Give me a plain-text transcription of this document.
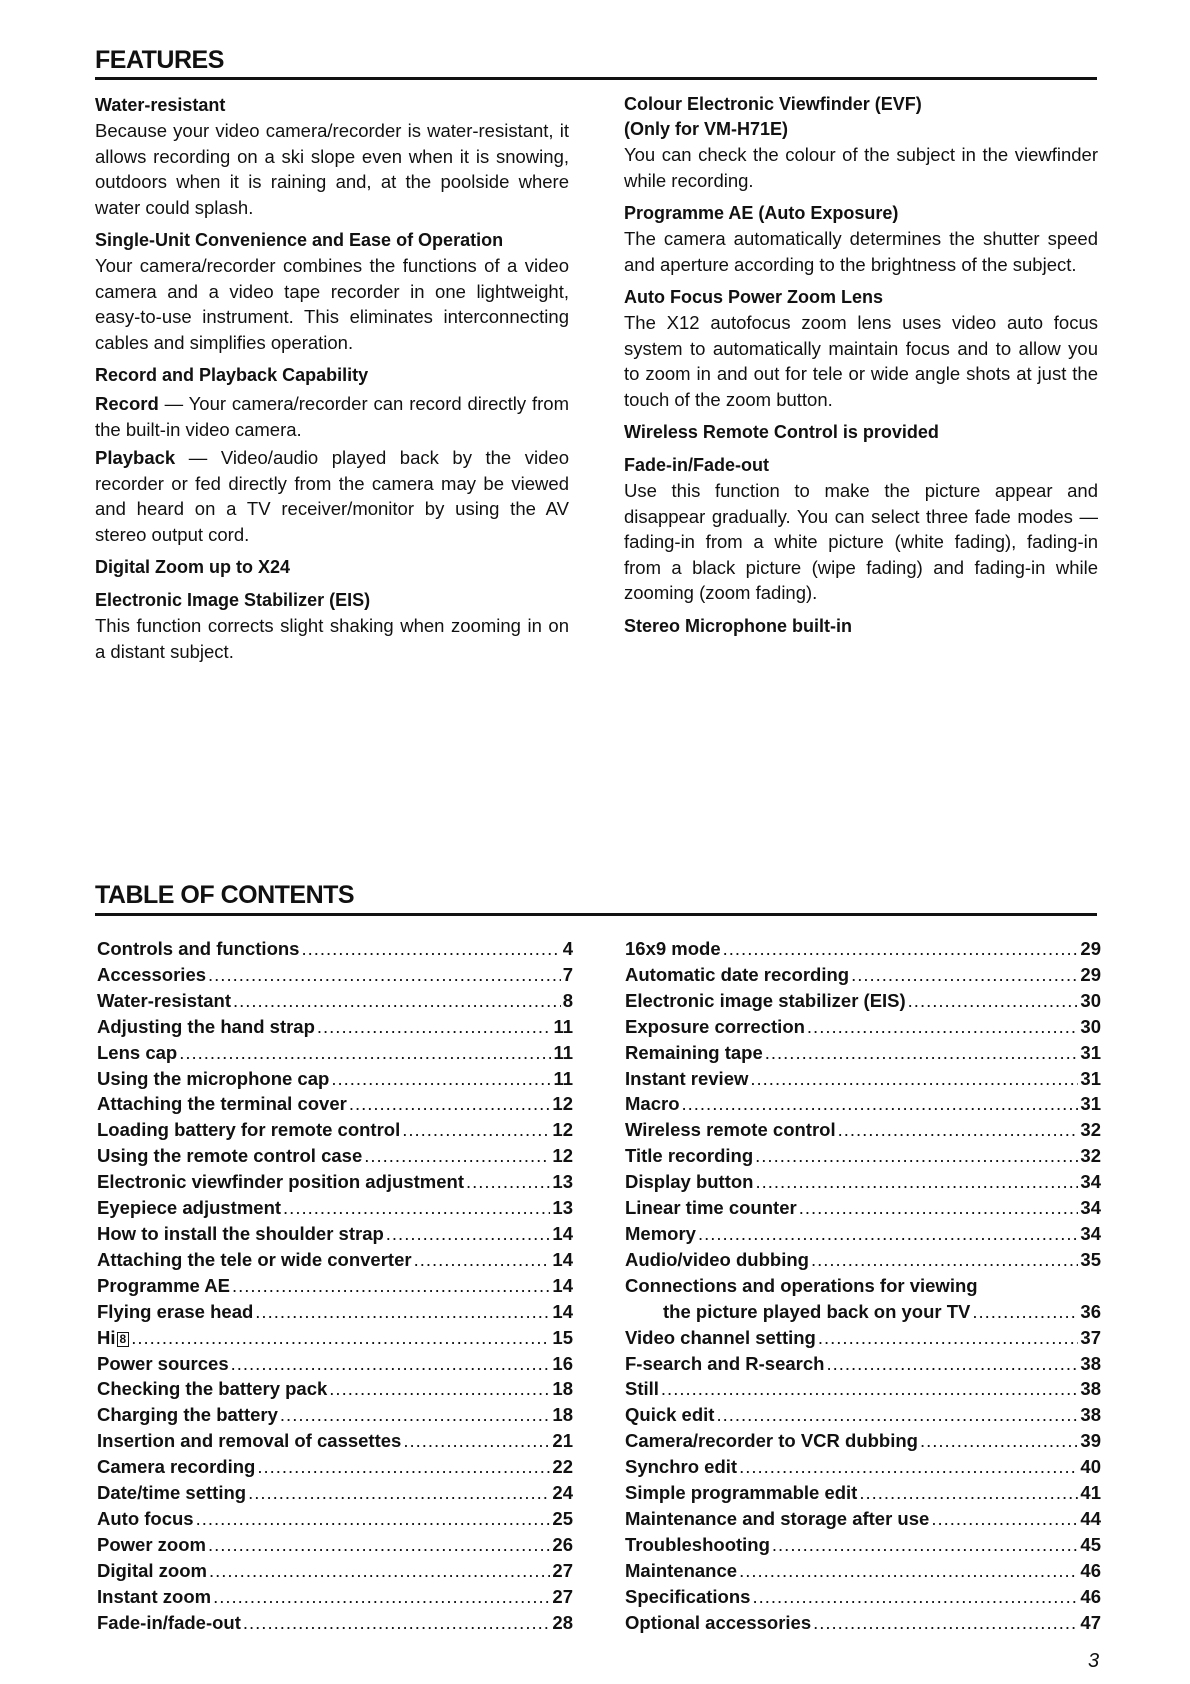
FEATURES
Water-resistant

Because your video camera/recorder is water-resistant, it allows recording on a ski slope even when it is snowing, outdoors when it is raining and, at the poolside where water could splash.

Single-Unit Convenience and Ease of Operation

Your camera/recorder combines the functions of a video camera and a video tape recorder in one lightweight, easy-to-use instrument. This eliminates interconnecting cables and simplifies operation.

Record and Playback Capability

Record — Your camera/recorder can record directly from the built-in video camera.

Playback — Video/audio played back by the video recorder or fed directly from the camera may be viewed and heard on a TV receiver/monitor by using the AV stereo output cord.

Digital Zoom up to X24
Electronic Image Stabilizer (EIS)

This function corrects slight shaking when zooming in on a distant subject.

Colour Electronic Viewfinder (EVF)
(Only for VM-H71E)

You can check the colour of the subject in the viewfinder while recording.

Programme AE (Auto Exposure)

The camera automatically determines the shutter speed and aperture according to the brightness of the subject.

Auto Focus Power Zoom Lens

The X12 autofocus zoom lens uses video auto focus system to automatically maintain focus and to allow you to zoom in and out for tele or wide angle shots at just the touch of the zoom button.

Wireless Remote Control is provided
Fade-in/Fade-out

Use this function to make the picture appear and disappear gradually. You can select three fade modes — fading-in from a white picture (white fading), fading-in from a black picture (wipe fading) and fading-in while zooming (zoom fading).

Stereo Microphone built-in
TABLE OF CONTENTS
Controls and functions .....	4
Accessories .....	7
Water-resistant .....	8
Adjusting the hand strap .....	11
Lens cap .....	11
Using the microphone cap .....	11
Attaching the terminal cover .....	12
Loading battery for remote control .....	12
Using the remote control case .....	12
Electronic viewfinder position adjustment .....	13
Eyepiece adjustment .....	13
How to install the shoulder strap .....	14
Attaching the tele or wide converter .....	14
Programme AE .....	14
Flying erase head .....	14
Hi 8 .....	15
Power sources .....	16
Checking the battery pack .....	18
Charging the battery .....	18
Insertion and removal of cassettes .....	21
Camera recording .....	22
Date/time setting .....	24
Auto focus .....	25
Power zoom .....	26
Digital zoom .....	27
Instant zoom .....	27
Fade-in/fade-out .....	28
16x9 mode .....	29
Automatic date recording .....	29
Electronic image stabilizer (EIS) .....	30
Exposure correction .....	30
Remaining tape .....	31
Instant review .....	31
Macro .....	31
Wireless remote control .....	32
Title recording .....	32
Display button .....	34
Linear time counter .....	34
Memory .....	34
Audio/video dubbing .....	35
Connections and operations for viewing
the picture played back on your TV .....	36
Video channel setting .....	37
F-search and R-search .....	38
Still .....	38
Quick edit .....	38
Camera/recorder to VCR dubbing .....	39
Synchro edit .....	40
Simple programmable edit .....	41
Maintenance and storage after use .....	44
Troubleshooting .....	45
Maintenance .....	46
Specifications .....	46
Optional accessories .....	47
3
